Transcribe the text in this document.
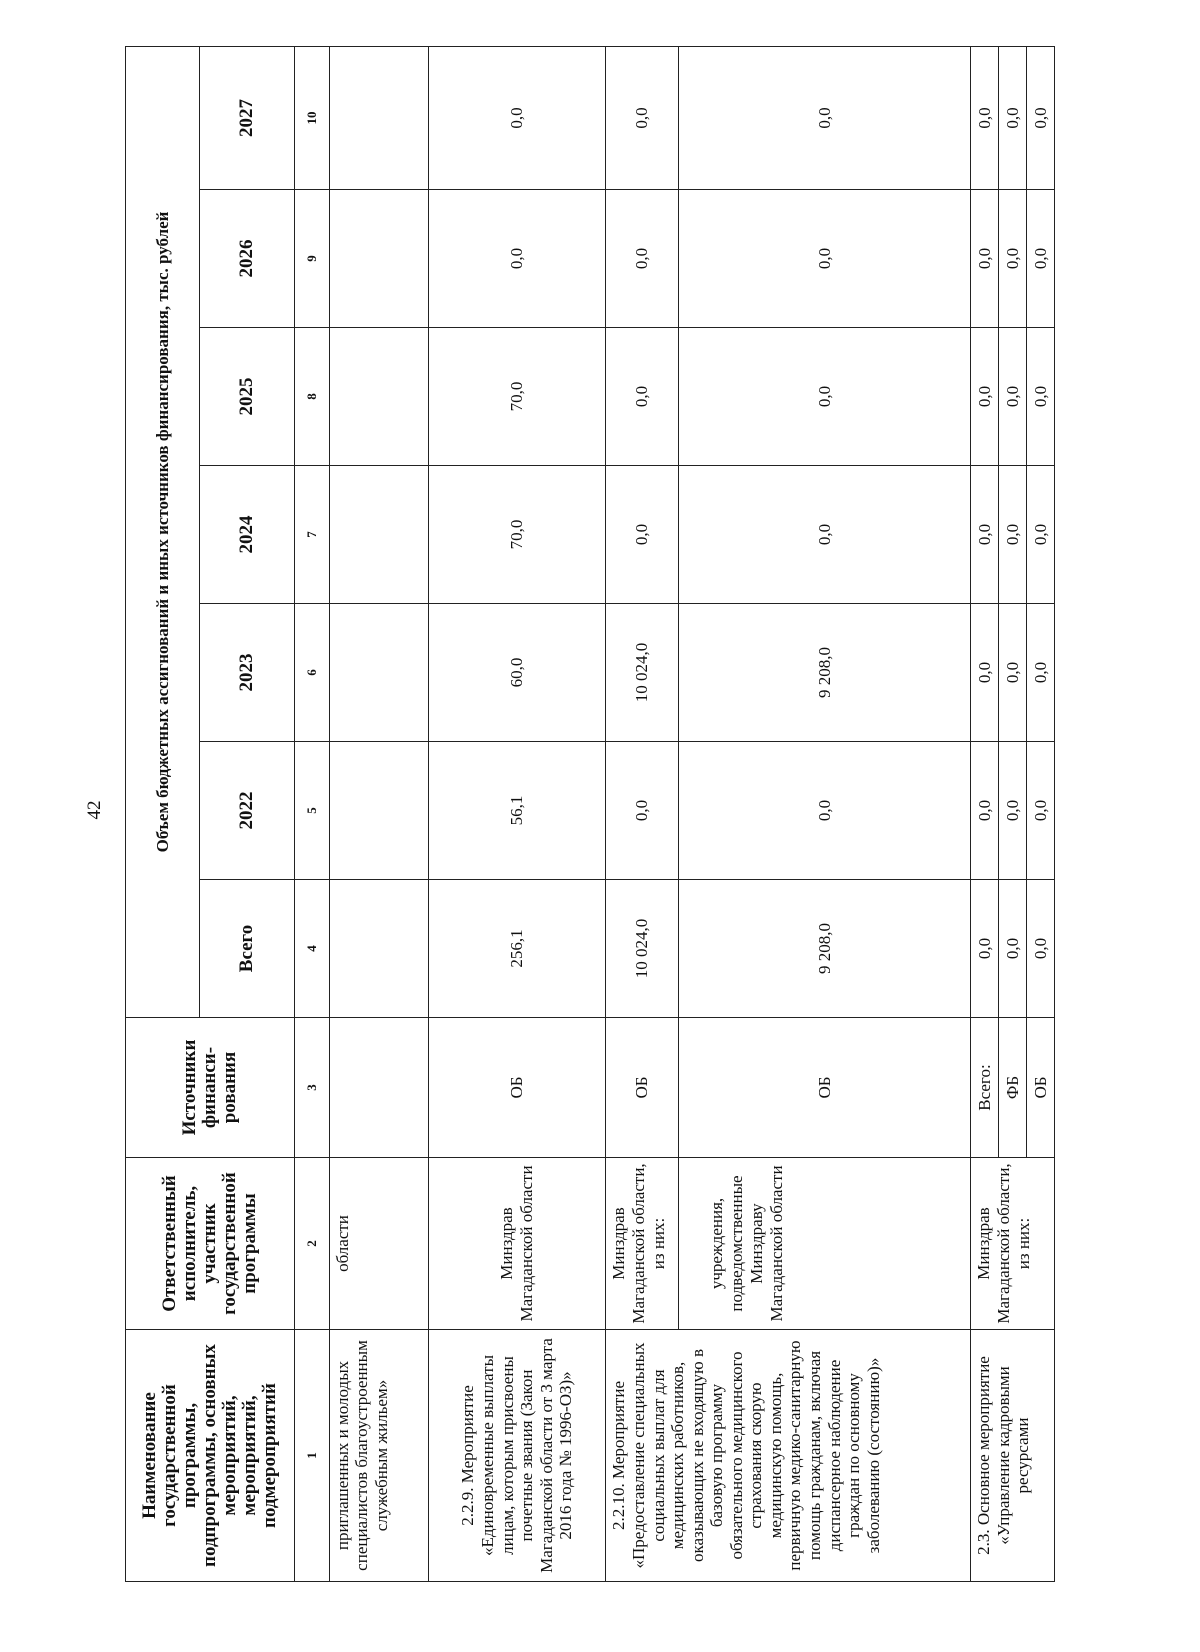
42
Наименование государственной программы, подпрограммы, основных мероприятий, мероприятий, подмероприятий	Ответственный исполнитель, участник государственной программы	Источники финанси-рования	Объем бюджетных ассигнований и иных источников финансирования, тыс. рублей						
			Всего	2022	2023	2024	2025	2026	2027
1	2	3	4	5	6	7	8	9	10
приглашенных и молодых специалистов благоустроенным служебным жильем»	области								
2.2.9. Мероприятие «Единовременные выплаты лицам, которым присвоены почетные звания (Закон Магаданской области от 3 марта 2016 года № 1996-ОЗ)»	Минздрав Магаданской области	ОБ	256,1	56,1	60,0	70,0	70,0	0,0	0,0
2.2.10. Мероприятие «Предоставление специальных социальных выплат для медицинских работников, оказывающих не входящую в базовую программу обязательного медицинского страхования скорую медицинскую помощь, первичную медико-санитарную помощь гражданам, включая диспансерное наблюдение граждан по основному заболеванию (состоянию)»	Минздрав Магаданской области, из них:	ОБ	10 024,0	0,0	10 024,0	0,0	0,0	0,0	0,0
	учреждения, подведомственные Минздраву Магаданской области	ОБ	9 208,0	0,0	9 208,0	0,0	0,0	0,0	0,0
2.3. Основное мероприятие «Управление кадровыми ресурсами	Минздрав Магаданской области, из них:	Всего:	0,0	0,0	0,0	0,0	0,0	0,0	0,0
		ФБ	0,0	0,0	0,0	0,0	0,0	0,0	0,0
		ОБ	0,0	0,0	0,0	0,0	0,0	0,0	0,0
